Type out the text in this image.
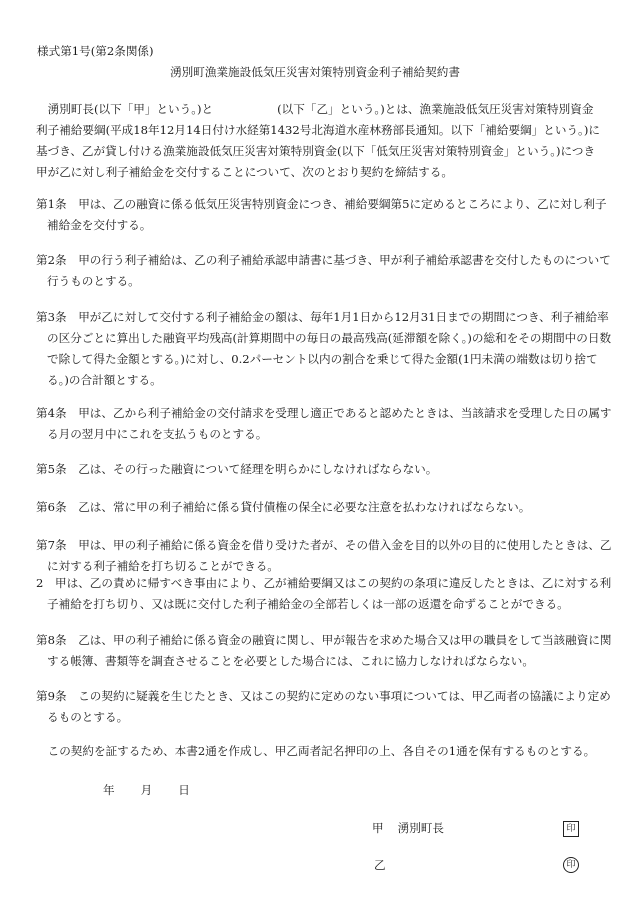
様式第1号(第2条関係)
湧別町漁業施設低気圧災害対策特別資金利子補給契約書

湧別町長(以下「甲」という。)と	(以下「乙」という。)とは、漁業施設低気圧災害対策特別資金利子補給要綱(平成18年12月14日付け水経第1432号北海道水産林務部長通知。以下「補給要綱」という。)に基づき、乙が貸し付ける漁業施設低気圧災害対策特別資金(以下「低気圧災害対策特別資金」という。)につき甲が乙に対し利子補給金を交付することについて、次のとおり契約を締結する。

第1条　 甲は、乙の融資に係る低気圧災害特別資金につき、補給要綱第5に定めるところにより、乙に対し利子補給金を交付する。

第2条　 甲の行う利子補給は、乙の利子補給承認申請書に基づき、甲が利子補給承認書を交付したものについて行うものとする。

第3条　 甲が乙に対して交付する利子補給金の額は、毎年1月1日から12月31日までの期間につき、利子補給率の区分ごとに算出した融資平均残高(計算期間中の毎日の最高残高(延滞額を除く。)の総和をその期間中の日数で除して得た金額とする。)に対し、0.2パーセント以内の割合を乗じて得た金額(1円未満の端数は切り捨てる。)の合計額とする。

第4条　 甲は、乙から利子補給金の交付請求を受理し適正であると認めたときは、当該請求を受理した日の属する月の翌月中にこれを支払うものとする。

第5条　 乙は、その行った融資について経理を明らかにしなければならない。

第6条　 乙は、常に甲の利子補給に係る貸付債権の保全に必要な注意を払わなければならない。

第7条　 甲は、甲の利子補給に係る資金を借り受けた者が、その借入金を目的以外の目的に使用したときは、乙に対する利子補給を打ち切ることができる。

2　 甲は、乙の責めに帰すべき事由により、乙が補給要綱又はこの契約の条項に違反したときは、乙に対する利子補給を打ち切り、又は既に交付した利子補給金の全部若しくは一部の返還を命ずることができる。

第8条　 乙は、甲の利子補給に係る資金の融資に関し、甲が報告を求めた場合又は甲の職員をして当該融資に関する帳簿、書類等を調査させることを必要とした場合には、これに協力しなければならない。

第9条　 この契約に疑義を生じたとき、又はこの契約に定めのない事項については、甲乙両者の協議により定めるものとする。

この契約を証するため、本書2通を作成し、甲乙両者記名押印の上、各自その1通を保有するものとする。

年 月 日
甲 湧別町長	印
乙	印
